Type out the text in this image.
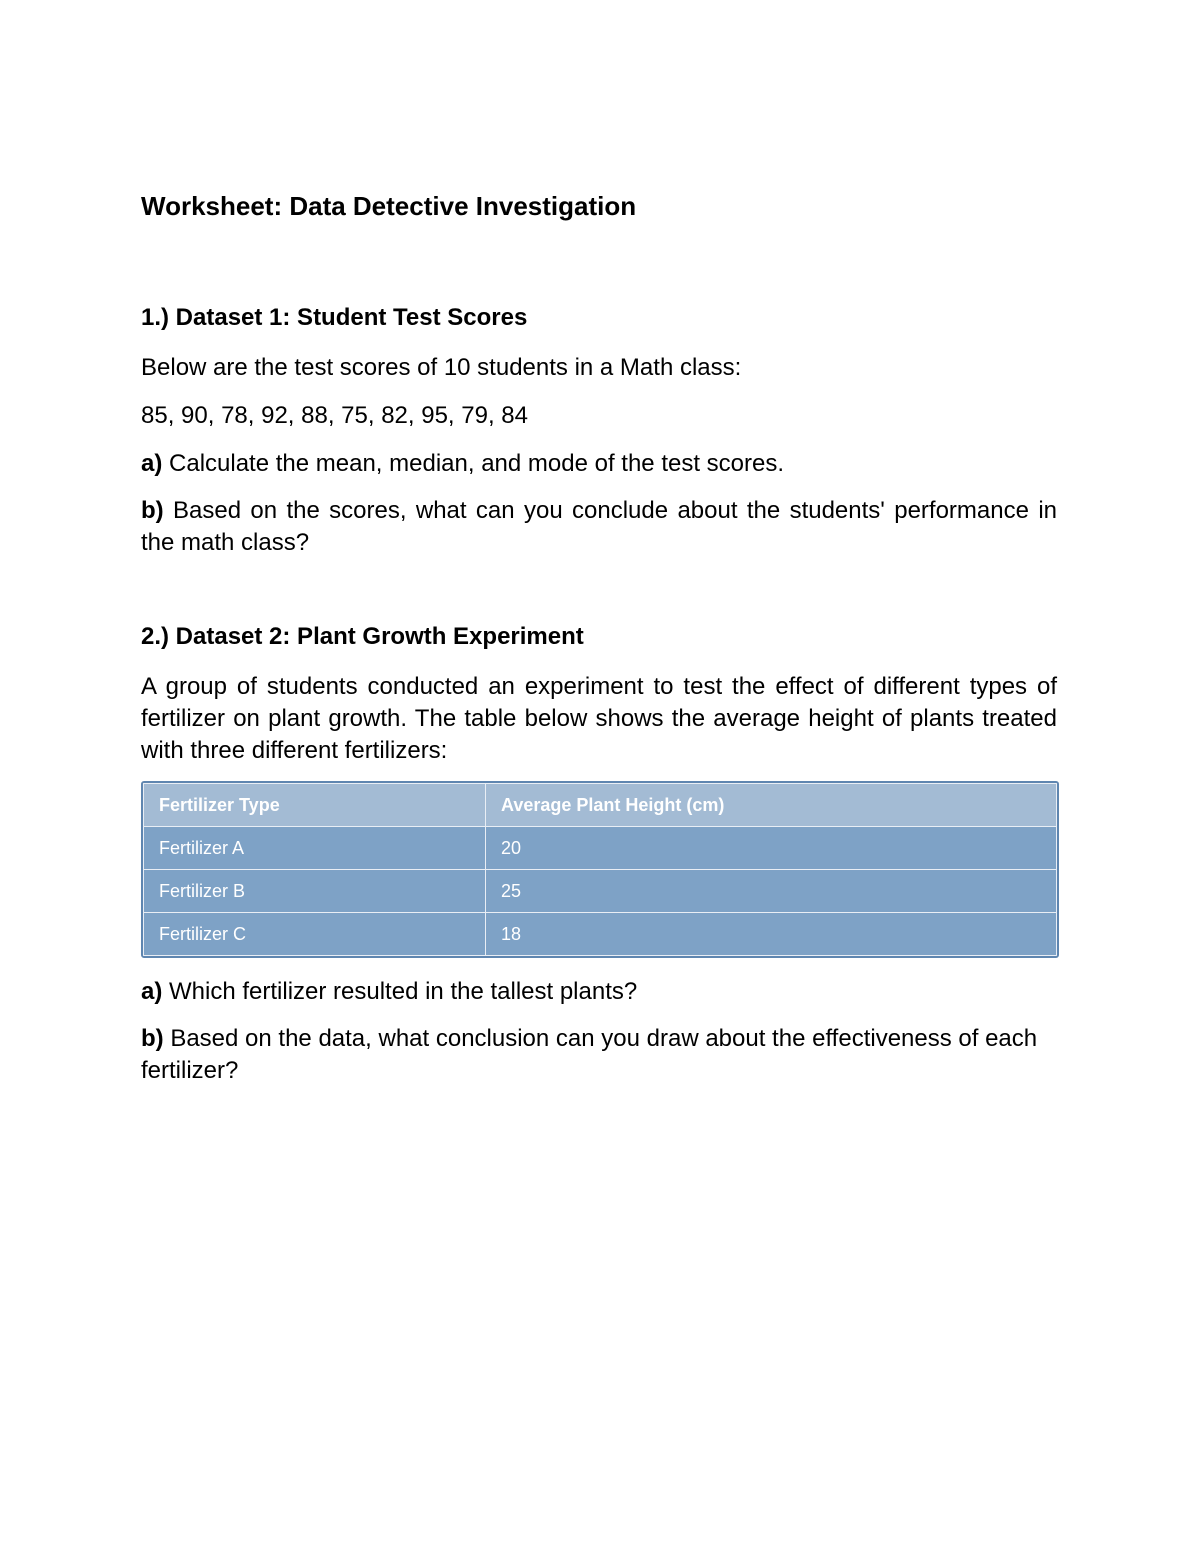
Worksheet: Data Detective Investigation
1.) Dataset 1: Student Test Scores

Below are the test scores of 10 students in a Math class:

85, 90, 78, 92, 88, 75, 82, 95, 79, 84

a) Calculate the mean, median, and mode of the test scores.

b) Based on the scores, what can you conclude about the students' performance in the math class?

2.) Dataset 2: Plant Growth Experiment

A group of students conducted an experiment to test the effect of different types of fertilizer on plant growth. The table below shows the average height of plants treated with three different fertilizers:

Fertilizer Type	Average Plant Height (cm)
Fertilizer A	20
Fertilizer B	25
Fertilizer C	18

a) Which fertilizer resulted in the tallest plants?

b) Based on the data, what conclusion can you draw about the effectiveness of each fertilizer?
